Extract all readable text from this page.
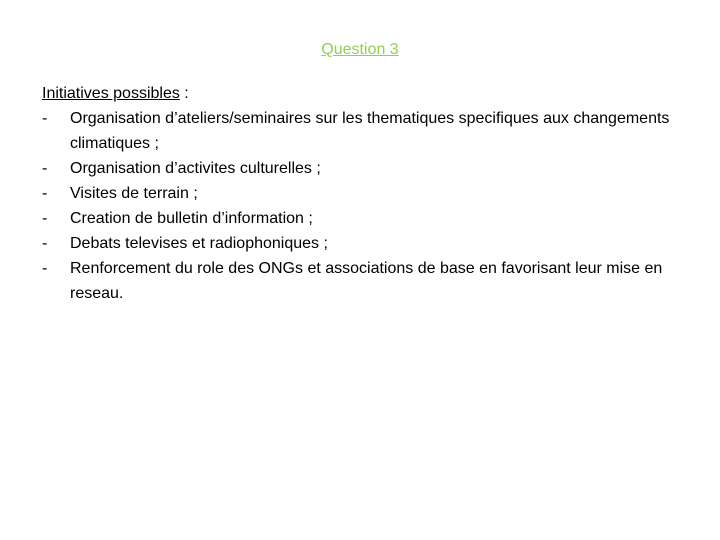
Question 3

Initiatives possibles :

- Organisation d’ateliers/seminaires sur les thematiques specifiques aux changements climatiques ;
- Organisation d’activites culturelles ;
- Visites de terrain ;
- Creation de bulletin d’information ;
- Debats televises et radiophoniques ;
- Renforcement du role des ONGs et associations de base en favorisant leur mise en reseau.
